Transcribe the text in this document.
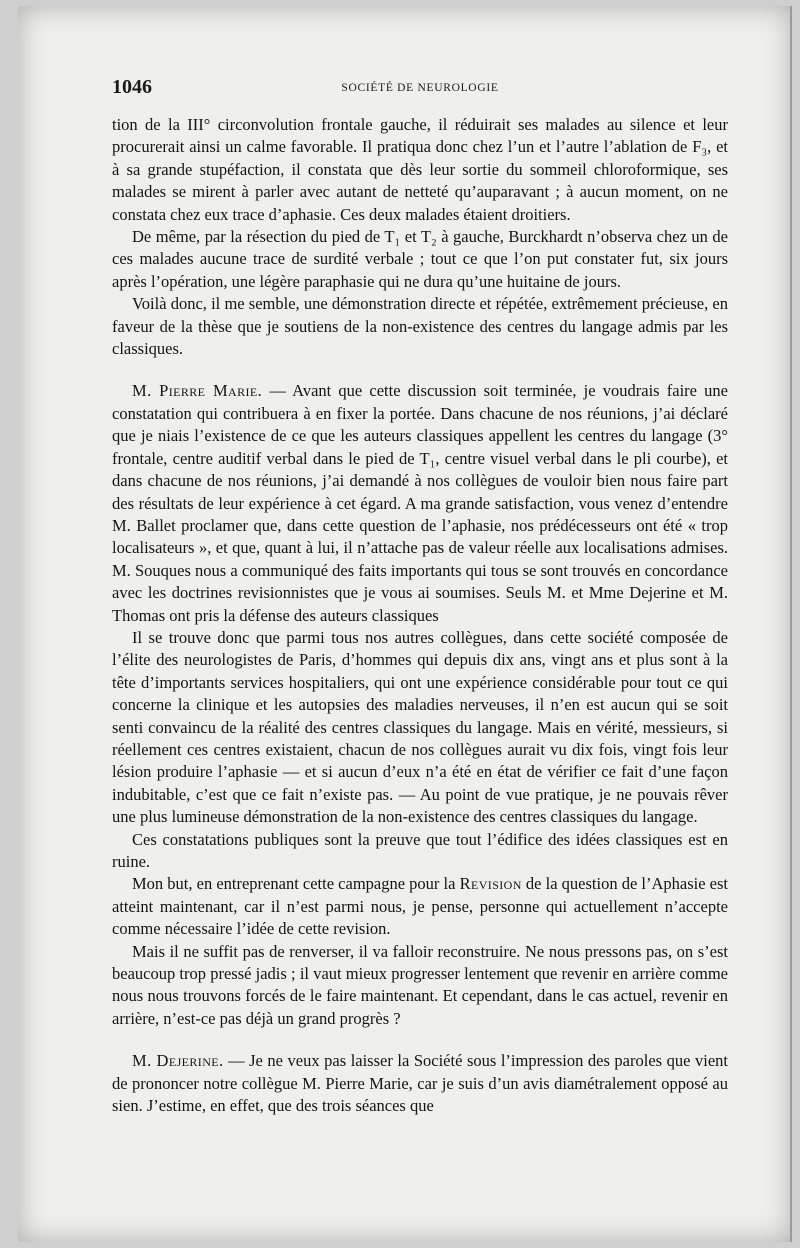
1046	SOCIÉTÉ DE NEUROLOGIE

tion de la III° circonvolution frontale gauche, il réduirait ses malades au silence et leur procurerait ainsi un calme favorable. Il pratiqua donc chez l’un et l’autre l’ablation de F₃, et à sa grande stupéfaction, il constata que dès leur sortie du sommeil chloroformique, ses malades se mirent à parler avec autant de netteté qu’auparavant ; à aucun moment, on ne constata chez eux trace d’aphasie. Ces deux malades étaient droitiers.

De même, par la résection du pied de T₁ et T₂ à gauche, Burckhardt n’observa chez un de ces malades aucune trace de surdité verbale ; tout ce que l’on put constater fut, six jours après l’opération, une légère paraphasie qui ne dura qu’une huitaine de jours.

Voilà donc, il me semble, une démonstration directe et répétée, extrêmement précieuse, en faveur de la thèse que je soutiens de la non-existence des centres du langage admis par les classiques.

M. Pierre Marie. — Avant que cette discussion soit terminée, je voudrais faire une constatation qui contribuera à en fixer la portée. Dans chacune de nos réunions, j’ai déclaré que je niais l’existence de ce que les auteurs classiques appellent les centres du langage (3° frontale, centre auditif verbal dans le pied de T₁, centre visuel verbal dans le pli courbe), et dans chacune de nos réunions, j’ai demandé à nos collègues de vouloir bien nous faire part des résultats de leur expérience à cet égard. A ma grande satisfaction, vous venez d’entendre M. Ballet proclamer que, dans cette question de l’aphasie, nos prédécesseurs ont été « trop localisateurs », et que, quant à lui, il n’attache pas de valeur réelle aux localisations admises. M. Souques nous a communiqué des faits importants qui tous se sont trouvés en concordance avec les doctrines revisionnistes que je vous ai soumises. Seuls M. et Mme Dejerine et M. Thomas ont pris la défense des auteurs classiques

Il se trouve donc que parmi tous nos autres collègues, dans cette société composée de l’élite des neurologistes de Paris, d’hommes qui depuis dix ans, vingt ans et plus sont à la tête d’importants services hospitaliers, qui ont une expérience considérable pour tout ce qui concerne la clinique et les autopsies des maladies nerveuses, il n’en est aucun qui se soit senti convaincu de la réalité des centres classiques du langage. Mais en vérité, messieurs, si réellement ces centres existaient, chacun de nos collègues aurait vu dix fois, vingt fois leur lésion produire l’aphasie — et si aucun d’eux n’a été en état de vérifier ce fait d’une façon indubitable, c’est que ce fait n’existe pas. — Au point de vue pratique, je ne pouvais rêver une plus lumineuse démonstration de la non-existence des centres classiques du langage.

Ces constatations publiques sont la preuve que tout l’édifice des idées classiques est en ruine.

Mon but, en entreprenant cette campagne pour la Revision de la question de l’Aphasie est atteint maintenant, car il n’est parmi nous, je pense, personne qui actuellement n’accepte comme nécessaire l’idée de cette revision.

Mais il ne suffit pas de renverser, il va falloir reconstruire. Ne nous pressons pas, on s’est beaucoup trop pressé jadis ; il vaut mieux progresser lentement que revenir en arrière comme nous nous trouvons forcés de le faire maintenant. Et cependant, dans le cas actuel, revenir en arrière, n’est-ce pas déjà un grand progrès ?

M. Dejerine. — Je ne veux pas laisser la Société sous l’impression des paroles que vient de prononcer notre collègue M. Pierre Marie, car je suis d’un avis diamétralement opposé au sien. J’estime, en effet, que des trois séances que
